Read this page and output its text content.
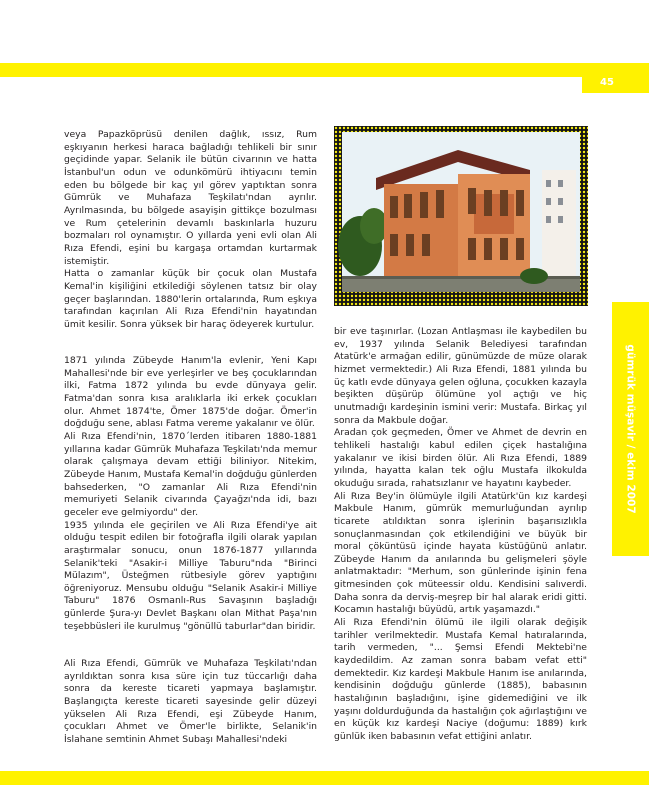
45
gümrük müşavir / ekim 2007

veya Papazköprüsü denilen dağlık, ıssız, Rum eşkıyanın herkesi haraca bağladığı tehlikeli bir sınır geçidinde yapar. Selanik ile bütün civarının ve hatta İstanbul'un odun ve odunkömürü ihtiyacını temin eden bu bölgede bir kaç yıl görev yaptıktan sonra Gümrük ve Muhafaza Teşkilatı'ndan ayrılır. Ayrılmasında, bu bölgede asayişin gittikçe bozulması ve Rum çetelerinin devamlı baskınlarla huzuru bozmaları rol oynamıştır. O yıllarda yeni evli olan Ali Rıza Efendi, eşini bu kargaşa ortamdan kurtarmak istemiştir.

Hatta o zamanlar küçük bir çocuk olan Mustafa Kemal'in kişiliğini etkilediği söylenen tatsız bir olay geçer başlarından. 1880'lerin ortalarında, Rum eşkıya tarafından kaçırılan Ali Rıza Efendi'nin hayatından ümit kesilir. Sonra yüksek bir haraç ödeyerek kurtulur.

1871 yılında Zübeyde Hanım'la evlenir, Yeni Kapı Mahallesi'nde bir eve yerleşirler ve beş çocuklarından ilki, Fatma 1872 yılında bu evde dünyaya gelir. Fatma'dan sonra kısa aralıklarla iki erkek çocukları olur. Ahmet 1874'te, Ömer 1875'de doğar. Ömer'in doğduğu sene, ablası Fatma vereme yakalanır ve ölür.

Ali Rıza Efendi'nin, 1870´lerden itibaren 1880-1881 yıllarına kadar Gümrük Muhafaza Teşkilatı'nda memur olarak çalışmaya devam ettiği biliniyor. Nitekim, Zübeyde Hanım, Mustafa Kemal'in doğduğu günlerden bahsederken, "O zamanlar Ali Rıza Efendi'nin memuriyeti Selanik civarında Çayağzı'nda idi, bazı geceler eve gelmiyordu" der.

1935 yılında ele geçirilen ve Ali Rıza Efendi'ye ait olduğu tespit edilen bir fotoğrafla ilgili olarak yapılan araştırmalar sonucu, onun 1876-1877 yıllarında Selanik'teki "Asakir-i Milliye Taburu"nda "Birinci Mülazım", Üsteğmen rütbesiyle görev yaptığını öğreniyoruz. Mensubu olduğu "Selanik Asakir-i Milliye Taburu" 1876 Osmanlı-Rus Savaşının başladığı günlerde Şura-yı Devlet Başkanı olan Mithat Paşa'nın teşebbüsleri ile kurulmuş "gönüllü taburlar"dan biridir.

Ali Rıza Efendi, Gümrük ve Muhafaza Teşkilatı'ndan ayrıldıktan sonra kısa süre için tuz tüccarlığı daha sonra da kereste ticareti yapmaya başlamıştır. Başlangıçta kereste ticareti sayesinde gelir düzeyi yükselen Ali Rıza Efendi, eşi Zübeyde Hanım, çocukları Ahmet ve Ömer'le birlikte, Selanik'in İslahane semtinin Ahmet Subaşı Mahallesi'ndeki

bir eve taşınırlar. (Lozan Antlaşması ile kaybedilen bu ev, 1937 yılında Selanik Belediyesi tarafından Atatürk'e armağan edilir, günümüzde de müze olarak hizmet vermektedir.) Ali Rıza Efendi, 1881 yılında bu üç katlı evde dünyaya gelen oğluna, çocukken kazayla beşikten düşürüp ölümüne yol açtığı ve hiç unutmadığı kardeşinin ismini verir: Mustafa. Birkaç yıl sonra da Makbule doğar.

Aradan çok geçmeden, Ömer ve Ahmet de devrin en tehlikeli hastalığı kabul edilen çiçek hastalığına yakalanır ve ikisi birden ölür. Ali Rıza Efendi, 1889 yılında, hayatta kalan tek oğlu Mustafa ilkokulda okuduğu sırada, rahatsızlanır ve hayatını kaybeder.

Ali Rıza Bey'in ölümüyle ilgili Atatürk'ün kız kardeşi Makbule Hanım, gümrük memurluğundan ayrılıp ticarete atıldıktan sonra işlerinin başarısızlıkla sonuçlanmasından çok etkilendiğini ve büyük bir moral çöküntüsü içinde hayata küstüğünü anlatır. Zübeyde Hanım da anılarında bu gelişmeleri şöyle anlatmaktadır: "Merhum, son günlerinde işinin fena gitmesinden çok müteessir oldu. Kendisini salıverdi. Daha sonra da derviş-meşrep bir hal alarak eridi gitti. Kocamın hastalığı büyüdü, artık yaşamazdı."

Ali Rıza Efendi'nin ölümü ile ilgili olarak değişik tarihler verilmektedir. Mustafa Kemal hatıralarında, tarih vermeden, "... Şemsi Efendi Mektebi'ne kaydedildim. Az zaman sonra babam vefat etti" demektedir. Kız kardeşi Makbule Hanım ise anılarında, kendisinin doğduğu günlerde (1885), babasının hastalığının başladığını, işine gidemediğini ve ilk yaşını doldurduğunda da hastalığın çok ağırlaştığını ve en küçük kız kardeşi Naciye (doğumu: 1889) kırk günlük iken babasının vefat ettiğini anlatır.
